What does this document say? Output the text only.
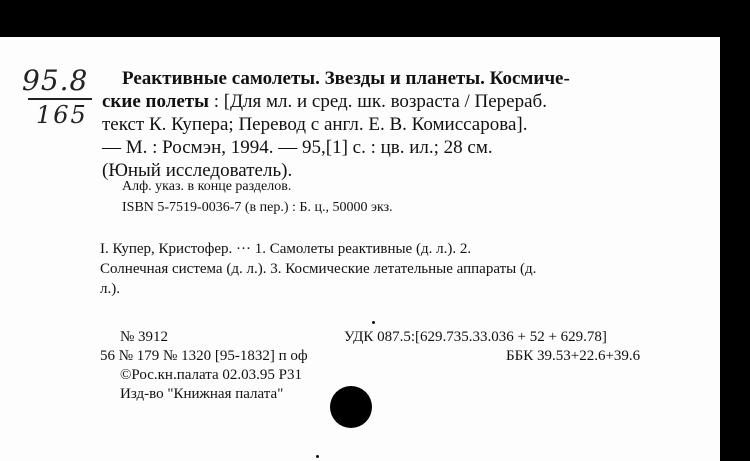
95.8
165
Реактивные самолеты. Звезды и планеты. Космиче-
ские полеты : [Для мл. и сред. шк. возраста / Перераб.
текст К. Купера; Перевод с англ. Е. В. Комиссарова].
— М. : Росмэн, 1994. — 95,[1] с. : цв. ил.; 28 см.
(Юный исследователь).
Алф. указ. в конце разделов.
ISBN 5-7519-0036-7 (в пер.) : Б. ц., 50000 экз.
I. Купер, Кристофер. ··· 1. Самолеты реактивные (д. л.). 2.
Солнечная система (д. л.). 3. Космические летательные аппараты (д.
л.).
№ 3912	УДК 087.5:[629.735.33.036 + 52 + 629.78]
56 № 179 № 1320 [95-1832] п оф	ББК 39.53+22.6+39.6
©Рос.кн.палата 02.03.95 Р31
Изд-во "Книжная палата"
